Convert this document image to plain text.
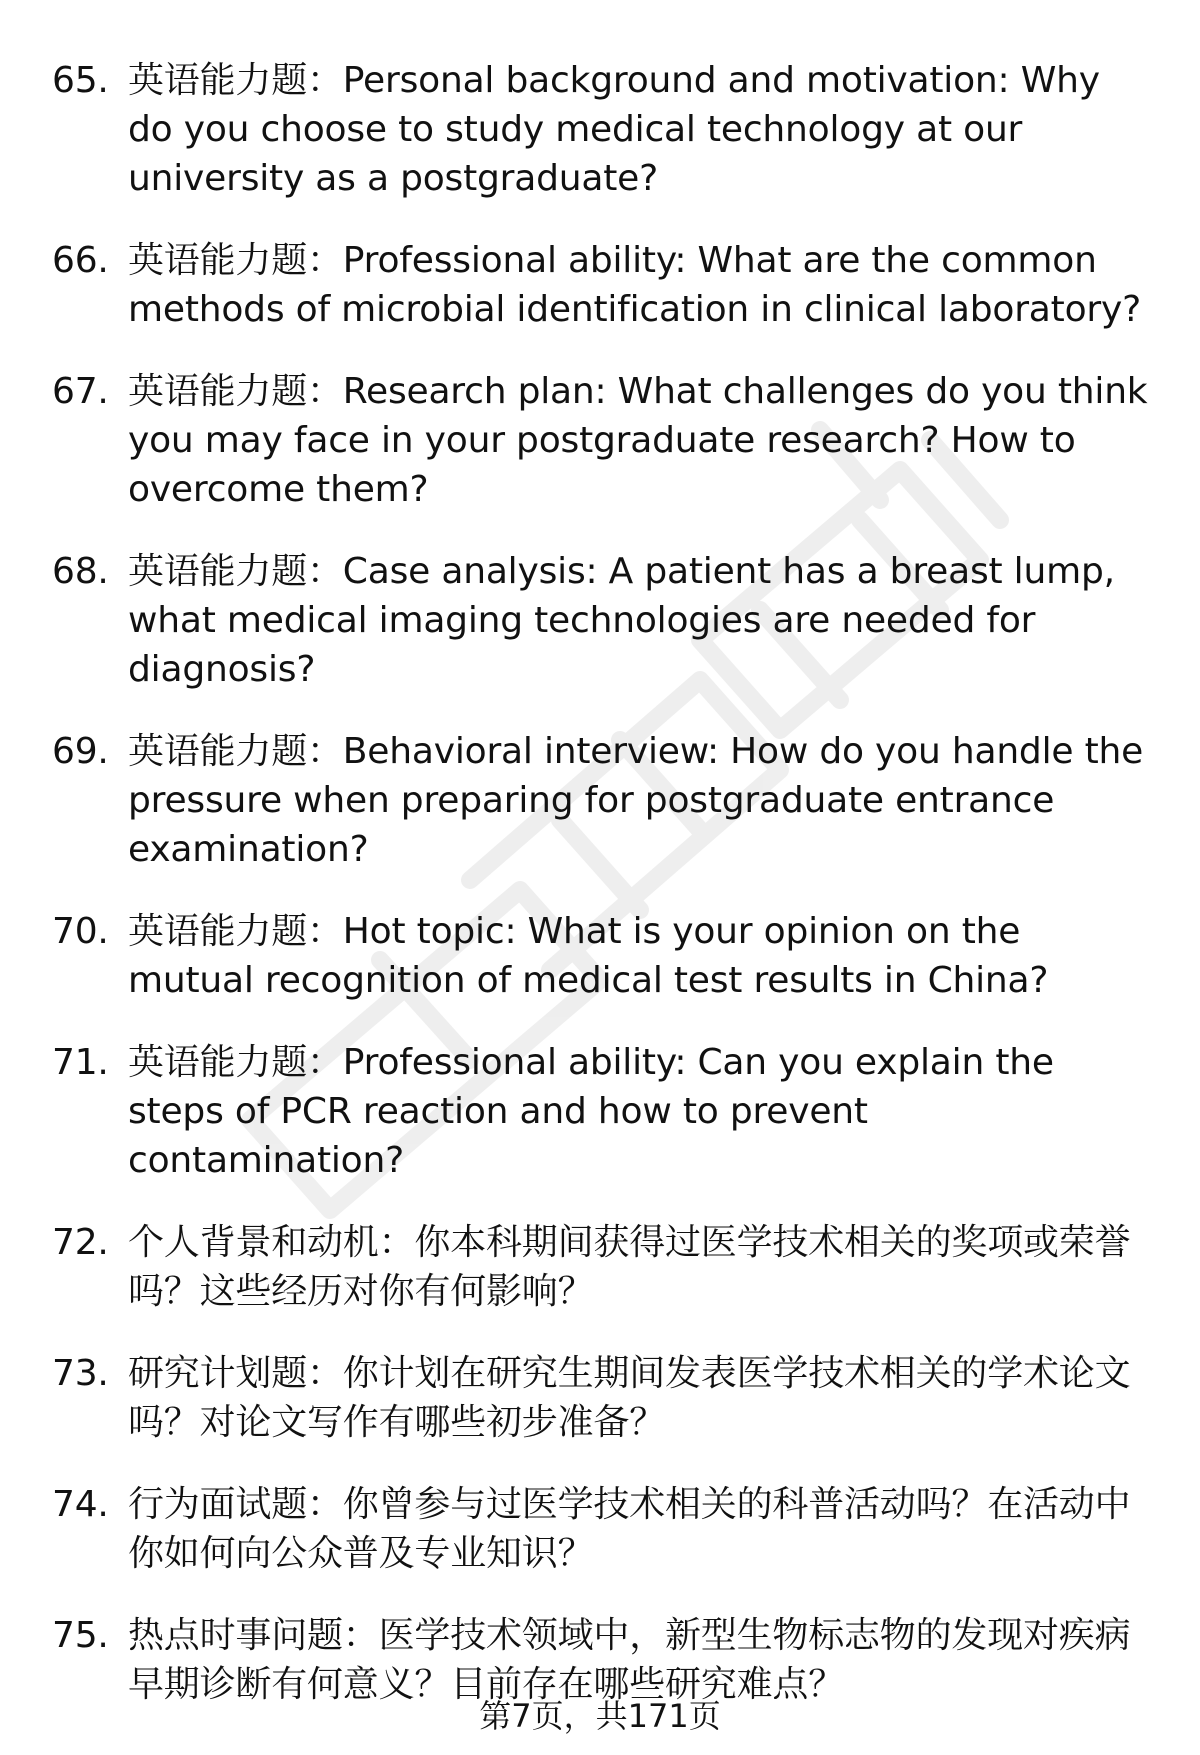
65. 英语能力题：Personal background and motivation: Why do you choose to study medical technology at our university as a postgraduate?
66. 英语能力题：Professional ability: What are the common methods of microbial identification in clinical laboratory?
67. 英语能力题：Research plan: What challenges do you think you may face in your postgraduate research? How to overcome them?
68. 英语能力题：Case analysis: A patient has a breast lump, what medical imaging technologies are needed for diagnosis?
69. 英语能力题：Behavioral interview: How do you handle the pressure when preparing for postgraduate entrance examination?
70. 英语能力题：Hot topic: What is your opinion on the mutual recognition of medical test results in China?
71. 英语能力题：Professional ability: Can you explain the steps of PCR reaction and how to prevent contamination?
72. 个人背景和动机：你本科期间获得过医学技术相关的奖项或荣誉吗？这些经历对你有何影响？
73. 研究计划题：你计划在研究生期间发表医学技术相关的学术论文吗？对论文写作有哪些初步准备？
74. 行为面试题：你曾参与过医学技术相关的科普活动吗？在活动中你如何向公众普及专业知识？
75. 热点时事问题：医学技术领域中，新型生物标志物的发现对疾病早期诊断有何意义？目前存在哪些研究难点？
第7页，共171页
